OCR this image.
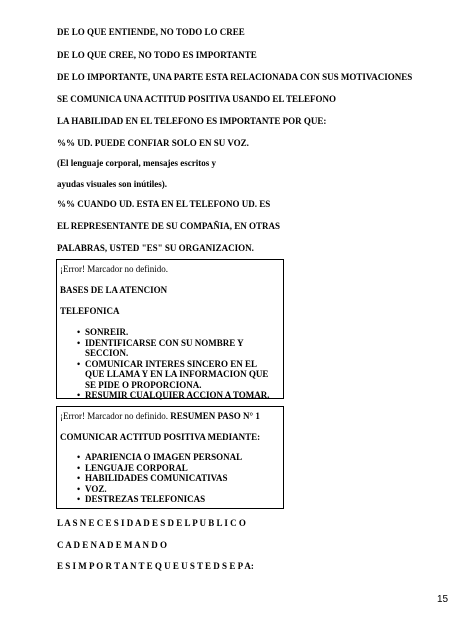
DE LO QUE ENTIENDE, NO TODO LO CREE
DE LO QUE CREE, NO TODO ES IMPORTANTE
DE LO IMPORTANTE, UNA PARTE ESTA RELACIONADA CON SUS MOTIVACIONES
SE COMUNICA UNA ACTITUD POSITIVA USANDO EL TELEFONO
LA HABILIDAD EN EL TELEFONO ES IMPORTANTE POR QUE:
%% UD. PUEDE CONFIAR SOLO EN SU VOZ.
(El lenguaje corporal, mensajes escritos y
ayudas visuales son inútiles).
%% CUANDO UD. ESTA EN EL TELEFONO UD. ES
EL REPRESENTANTE DE SU COMPAÑIA, EN OTRAS
PALABRAS, USTED "ES" SU ORGANIZACION.
¡Error! Marcador no definido.
BASES DE LA ATENCION
TELEFONICA
• SONREIR.
• IDENTIFICARSE CON SU NOMBRE Y SECCION.
• COMUNICAR INTERES SINCERO EN EL QUE LLAMA Y EN LA INFORMACION QUE SE PIDE O PROPORCIONA.
• RESUMIR CUALQUIER ACCION A TOMAR.
¡Error! Marcador no definido. RESUMEN PASO N° 1
COMUNICAR ACTITUD POSITIVA MEDIANTE:
• APARIENCIA O IMAGEN PERSONAL
• LENGUAJE CORPORAL
• HABILIDADES COMUNICATIVAS
• VOZ.
• DESTREZAS TELEFONICAS
L A S N E C E S I D A D E S D E L P U B L I C O
C A D E N A D E M A N D O
E S I M P O R T A N T E Q U E U S T E D S E P A:
15
